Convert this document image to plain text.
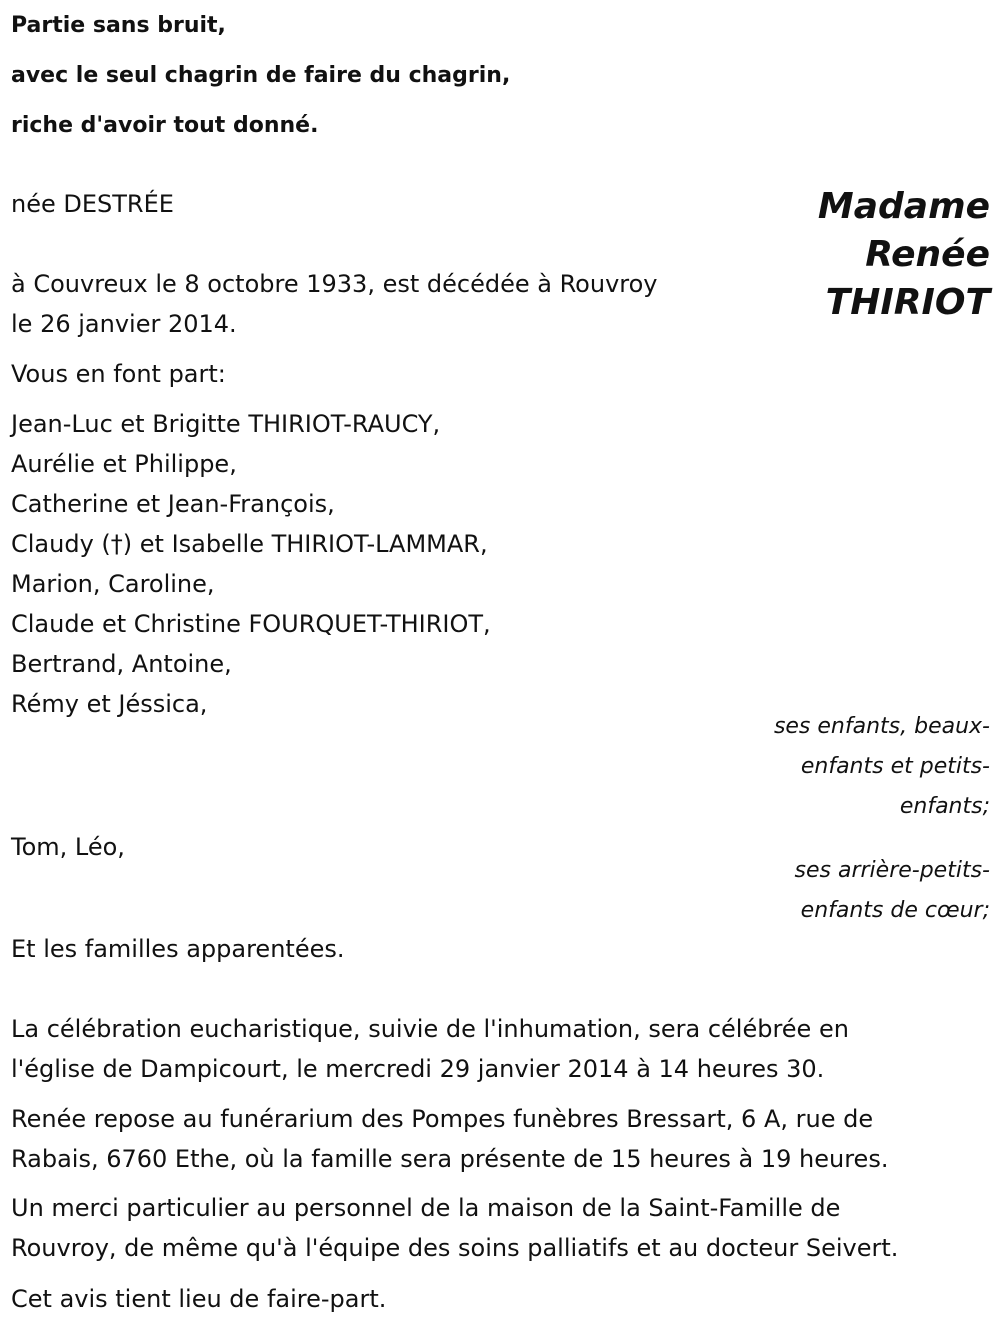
Partie sans bruit,
avec le seul chagrin de faire du chagrin,
riche d'avoir tout donné.
née DESTRÉE	Madame
Renée
THIRIOT
à Couvreux le 8 octobre 1933, est décédée à Rouvroy
le 26 janvier 2014.
Vous en font part:
Jean-Luc et Brigitte THIRIOT-RAUCY,
Aurélie et Philippe,
Catherine et Jean-François,
Claudy (†) et Isabelle THIRIOT-LAMMAR,
Marion, Caroline,
Claude et Christine FOURQUET-THIRIOT,
Bertrand, Antoine,
Rémy et Jéssica,
ses enfants, beaux-
enfants et petits-
enfants;
Tom, Léo,
ses arrière-petits-
enfants de cœur;
Et les familles apparentées.
La célébration eucharistique, suivie de l'inhumation, sera célébrée en
l'église de Dampicourt, le mercredi 29 janvier 2014 à 14 heures 30.
Renée repose au funérarium des Pompes funèbres Bressart, 6 A, rue de
Rabais, 6760 Ethe, où la famille sera présente de 15 heures à 19 heures.
Un merci particulier au personnel de la maison de la Saint-Famille de
Rouvroy, de même qu'à l'équipe des soins palliatifs et au docteur Seivert.
Cet avis tient lieu de faire-part.
